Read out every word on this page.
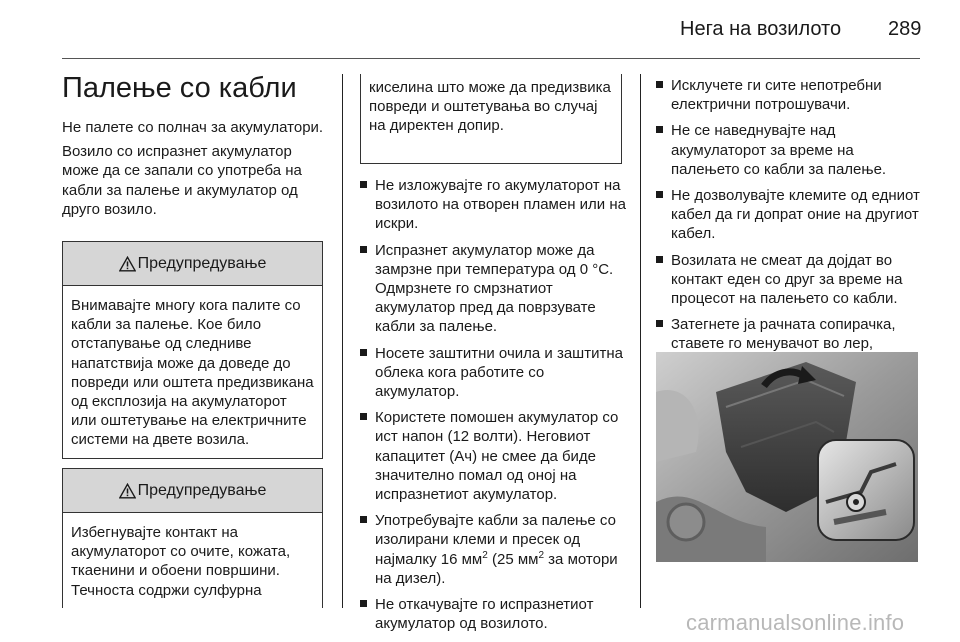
Нега на возилото 289
Палење со кабли

Не палете со полнач за акумулатори.

Возило со испразнет акумулатор може да се запали со употреба на кабли за палење и акумулатор од друго возило.

Предупредување
Внимавајте многу кога палите со кабли за палење. Кое било отстапување од следниве напатствија може да доведе до повреди или оштета предизвикана од експлозија на акумулаторот или оштетување на електричните системи на двете возила.
Предупредување
Избегнувајте контакт на акумулаторот со очите, кожата, ткаенини и обоени површини. Течноста содржи сулфурна
киселина што може да предизвика повреди и оштетувања во случај на директен допир.
Не изложувајте го акумулаторот на возилото на отворен пламен или на искри.
Испразнет акумулатор може да замрзне при температура од 0 °C. Одмрзнете го смрзнатиот акумулатор пред да поврзувате кабли за палење.
Носете заштитни очила и заштитна облека кога работите со акумулатор.
Користете помошен акумулатор со ист напон (12 волти). Неговиот капацитет (Ач) не смее да биде значително помал од оној на испразнетиот акумулатор.
Употребувајте кабли за палење со изолирани клеми и пресек од најмалку 16 $мм^2$ (25 $мм^2$ за мотори на дизел).
Не откачувајте го испразнетиот акумулатор од возилото.
Исклучете ги сите непотребни електрични потрошувачи.
Не се наведнувајте над акумулаторот за време на палењето со кабли за палење.
Не дозволувајте клемите од едниот кабел да ги допрат оние на другиот кабел.
Возилата не смеат да дојдат во контакт еден со друг за време на процесот на палењето со кабли.
Затегнете ја рачната сопирачка, ставете го менувачот во лер,
carmanualsonline.info
